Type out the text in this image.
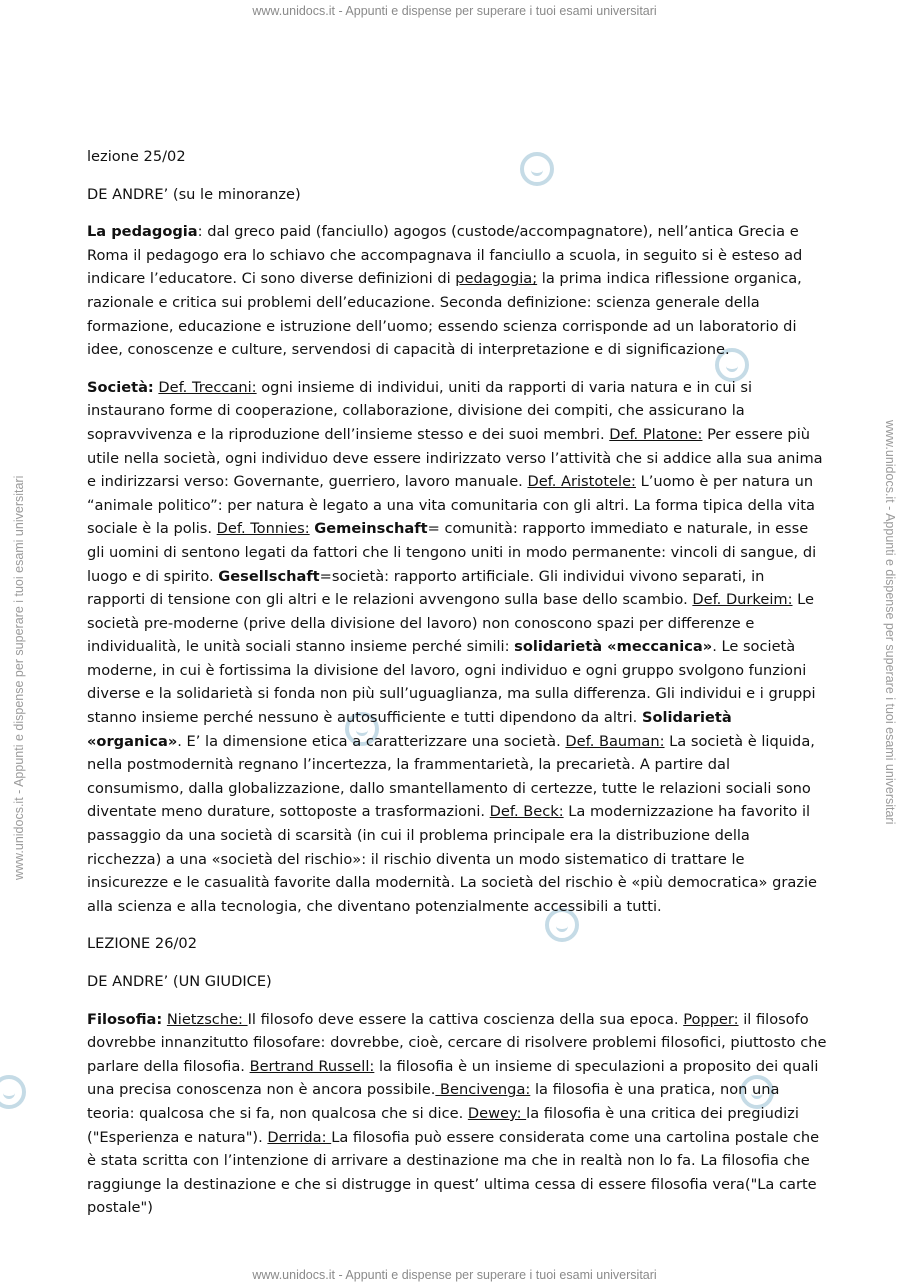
www.unidocs.it - Appunti e dispense per superare i tuoi esami universitari
www.unidocs.it - Appunti e dispense per superare i tuoi esami universitari
www.unidocs.it - Appunti e dispense per superare i tuoi esami universitari	www.unidocs.it - Appunti e dispense per superare i tuoi esami universitari

lezione 25/02

DE ANDRE’ (su le minoranze)

La pedagogia: dal greco paid (fanciullo) agogos (custode/accompagnatore), nell’antica Grecia e Roma il pedagogo era lo schiavo che accompagnava il fanciullo a scuola, in seguito si è esteso ad indicare l’educatore. Ci sono diverse definizioni di pedagogia; la prima indica riflessione organica, razionale e critica sui problemi dell’educazione. Seconda definizione: scienza generale della formazione, educazione e istruzione dell’uomo; essendo scienza corrisponde ad un laboratorio di idee, conoscenze e culture, servendosi di capacità di interpretazione e di significazione.

Società: Def. Treccani: ogni insieme di individui, uniti da rapporti di varia natura e in cui si instaurano forme di cooperazione, collaborazione, divisione dei compiti, che assicurano la sopravvivenza e la riproduzione dell’insieme stesso e dei suoi membri. Def. Platone: Per essere più utile nella società, ogni individuo deve essere indirizzato verso l’attività che si addice alla sua anima e indirizzarsi verso: Governante, guerriero, lavoro manuale. Def. Aristotele: L’uomo è per natura un “animale politico”: per natura è legato a una vita comunitaria con gli altri. La forma tipica della vita sociale è la polis. Def. Tonnies: Gemeinschaft= comunità: rapporto immediato e naturale, in esse gli uomini di sentono legati da fattori che li tengono uniti in modo permanente: vincoli di sangue, di luogo e di spirito. Gesellschaft=società: rapporto artificiale. Gli individui vivono separati, in rapporti di tensione con gli altri e le relazioni avvengono sulla base dello scambio. Def. Durkeim: Le società pre-moderne (prive della divisione del lavoro) non conoscono spazi per differenze e individualità, le unità sociali stanno insieme perché simili: solidarietà «meccanica». Le società moderne, in cui è fortissima la divisione del lavoro, ogni individuo e ogni gruppo svolgono funzioni diverse e la solidarietà si fonda non più sull’uguaglianza, ma sulla differenza. Gli individui e i gruppi stanno insieme perché nessuno è autosufficiente e tutti dipendono da altri. Solidarietà «organica». E’ la dimensione etica a caratterizzare una società. Def. Bauman: La società è liquida, nella postmodernità regnano l’incertezza, la frammentarietà, la precarietà. A partire dal consumismo, dalla globalizzazione, dallo smantellamento di certezze, tutte le relazioni sociali sono diventate meno durature, sottoposte a trasformazioni. Def. Beck: La modernizzazione ha favorito il passaggio da una società di scarsità (in cui il problema principale era la distribuzione della ricchezza) a una «società del rischio»: il rischio diventa un modo sistematico di trattare le insicurezze e le casualità favorite dalla modernità. La società del rischio è «più democratica» grazie alla scienza e alla tecnologia, che diventano potenzialmente accessibili a tutti.

LEZIONE 26/02

DE ANDRE’ (UN GIUDICE)

Filosofia: Nietzsche: Il filosofo deve essere la cattiva coscienza della sua epoca. Popper: il filosofo dovrebbe innanzitutto filosofare: dovrebbe, cioè, cercare di risolvere problemi filosofici, piuttosto che parlare della filosofia. Bertrand Russell: la filosofia è un insieme di speculazioni a proposito dei quali una precisa conoscenza non è ancora possibile. Bencivenga: la filosofia è una pratica, non una teoria: qualcosa che si fa, non qualcosa che si dice. Dewey: la filosofia è una critica dei pregiudizi ("Esperienza e natura"). Derrida: La filosofia può essere considerata come una cartolina postale che è stata scritta con l’intenzione di arrivare a destinazione ma che in realtà non lo fa. La filosofia che raggiunge la destinazione e che si distrugge in quest’ ultima cessa di essere filosofia vera("La carte postale")
